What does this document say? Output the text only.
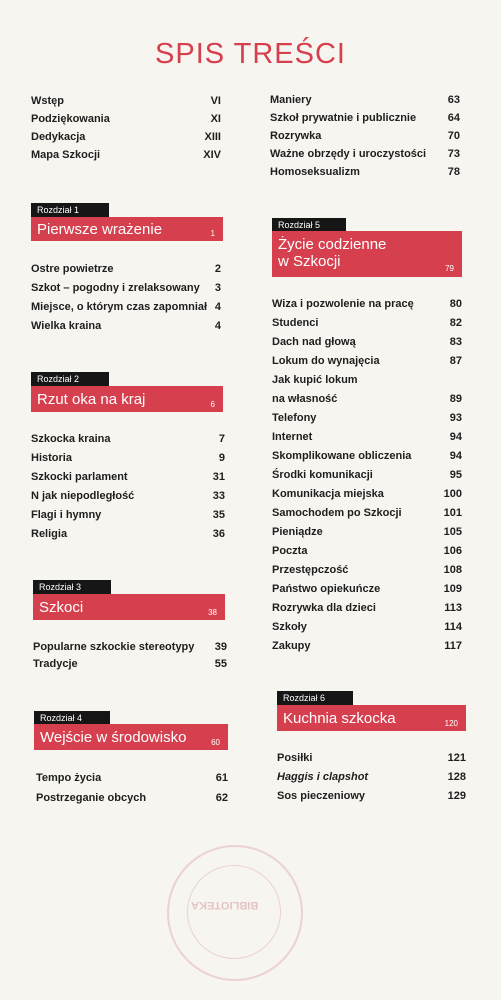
SPIS TREŚCI
Wstęp	VI
Podziękowania	XI
Dedykacja	XIII
Mapa Szkocji	XIV
Rozdział 1
Pierwsze wrażenie	1
Ostre powietrze	2
Szkot – pogodny i zrelaksowany 3
Miejsce, o którym czas zapomniał 4
Wielka kraina	4
Rozdział 2
Rzut oka na kraj	6
Szkocka kraina	7
Historia	9
Szkocki parlament	31
N jak niepodległość	33
Flagi i hymny	35
Religia	36
Rozdział 3
Szkoci	38
Popularne szkockie stereotypy 39
Tradycje	55
Rozdział 4
Wejście w środowisko	60
Tempo życia	61
Postrzeganie obcych	62
Maniery	63
Szkoł prywatnie i publicznie	64
Rozrywka	70
Ważne obrzędy i uroczystości 73
Homoseksualizm	78
Rozdział 5
Życie codzienne w Szkocji	79
Wiza i pozwolenie na pracę	80
Studenci	82
Dach nad głową	83
Lokum do wynajęcia	87
Jak kupić lokum
na własność	89
Telefony	93
Internet	94
Skomplikowane obliczenia	94
Środki komunikacji	95
Komunikacja miejska	100
Samochodem po Szkocji	101
Pieniądze	105
Poczta	106
Przestępczość	108
Państwo opiekuńcze	109
Rozrywka dla dzieci	113
Szkoły	114
Zakupy	117
Rozdział 6
Kuchnia szkocka	120
Posiłki	121
Haggis i clapshot	128
Sos pieczeniowy	129
BIBLIOTEKA
